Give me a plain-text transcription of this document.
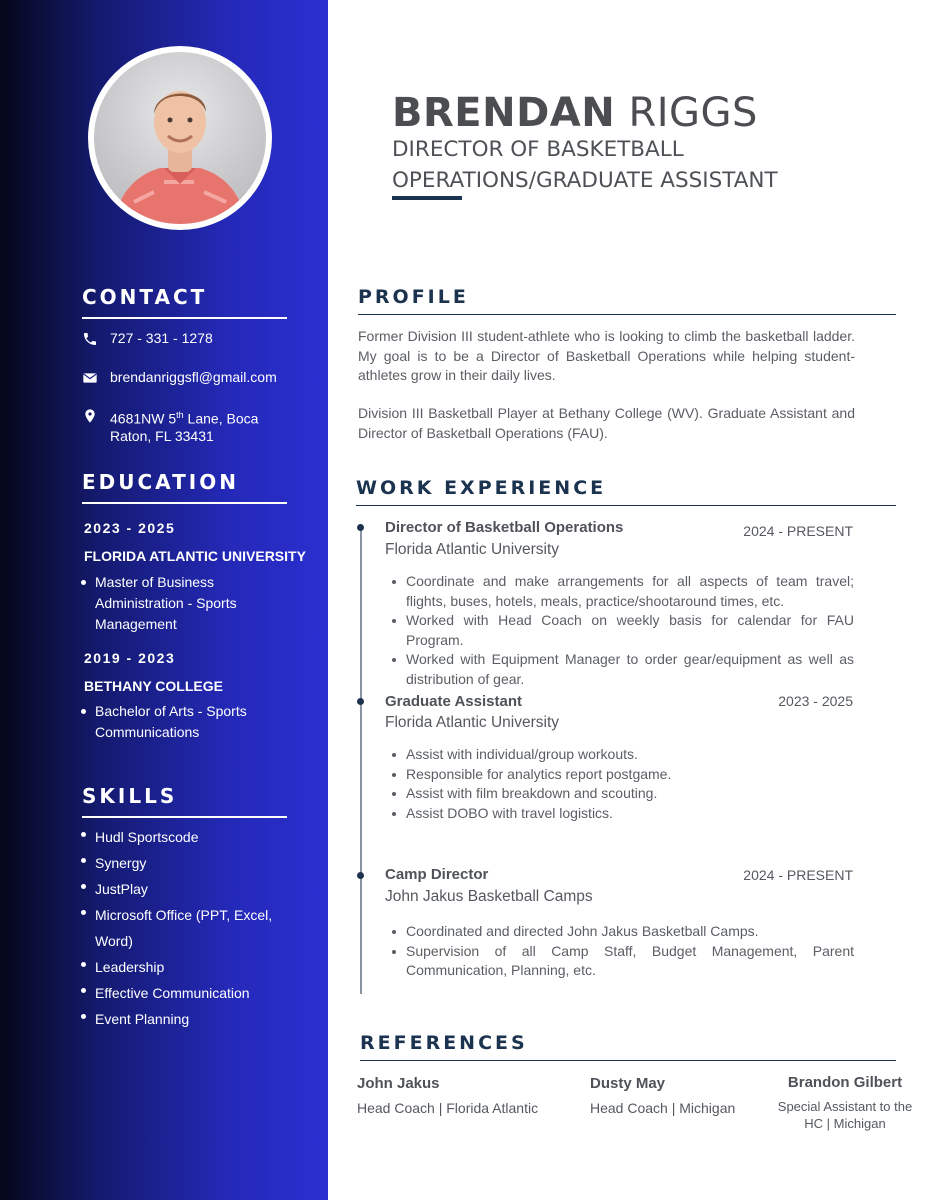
CONTACT
727 - 331 - 1278
brendanriggsfl@gmail.com
4681NW 5th Lane, Boca Raton, FL 33431
EDUCATION
2023 - 2025
FLORIDA ATLANTIC UNIVERSITY
Master of Business Administration - Sports Management
2019 - 2023
BETHANY COLLEGE
Bachelor of Arts - Sports Communications
SKILLS
Hudl Sportscode
Synergy
JustPlay
Microsoft Office (PPT, Excel, Word)
Leadership
Effective Communication
Event Planning
BRENDAN RIGGS
DIRECTOR OF BASKETBALL OPERATIONS/GRADUATE ASSISTANT
PROFILE

Former Division III student-athlete who is looking to climb the basketball ladder. My goal is to be a Director of Basketball Operations while helping student-athletes grow in their daily lives.

Division III Basketball Player at Bethany College (WV). Graduate Assistant and Director of Basketball Operations (FAU).

WORK EXPERIENCE
Director of Basketball Operations	2024 - PRESENT
Florida Atlantic University
Coordinate and make arrangements for all aspects of team travel; flights, buses, hotels, meals, practice/shootaround times, etc.
Worked with Head Coach on weekly basis for calendar for FAU Program.
Worked with Equipment Manager to order gear/equipment as well as distribution of gear.
Graduate Assistant	2023 - 2025
Florida Atlantic University
Assist with individual/group workouts.
Responsible for analytics report postgame.
Assist with film breakdown and scouting.
Assist DOBO with travel logistics.
Camp Director	2024 - PRESENT
John Jakus Basketball Camps
Coordinated and directed John Jakus Basketball Camps.
Supervision of all Camp Staff, Budget Management, Parent Communication, Planning, etc.
REFERENCES
John Jakus
Head Coach | Florida Atlantic
Dusty May
Head Coach | Michigan
Brandon Gilbert
Special Assistant to the HC | Michigan
